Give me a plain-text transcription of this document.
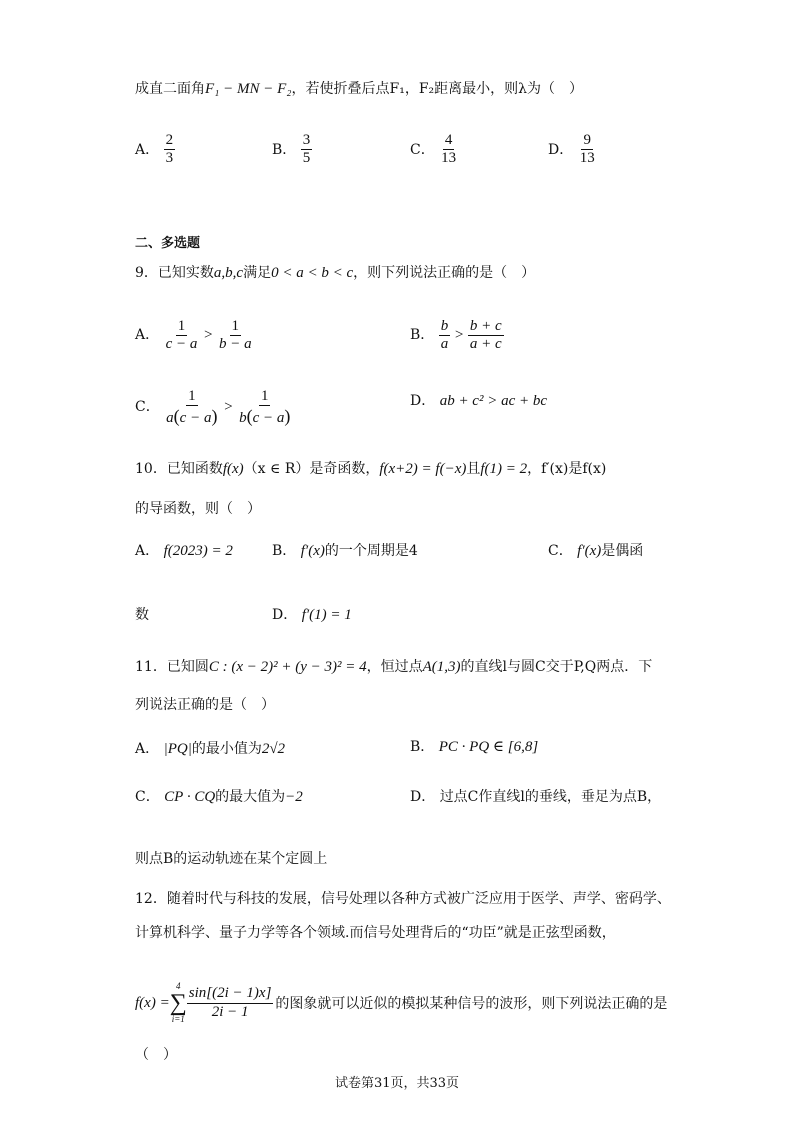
成直二面角F₁ − MN − F₂，若使折叠后点F₁，F₂距离最小，则λ为（　）
A． $\frac{2}{3}$	B． $\frac{3}{5}$	C． $\frac{4}{13}$	D． $\frac{9}{13}$
二、多选题
9．已知实数a,b,c满足0 < a < b < c，则下列说法正确的是（　）
A． $\frac{1}{c - a} > \frac{1}{b - a}$	B． $\frac{b}{a} > \frac{b + c}{a + c}$
C． $\frac{1}{a(c - a)} > \frac{1}{b(c - a)}$	D． ab + c² > ac + bc
10．已知函数f(x)（x ∈ R）是奇函数，f(x+2) = f(−x)且f(1) = 2，f′(x)是f(x)
的导函数，则（　）
A． f(2023) = 2	B． f′(x)的一个周期是4	C． f′(x)是偶函
数	D． f′(1) = 1
11．已知圆C : (x − 2)² + (y − 3)² = 4，恒过点A(1,3)的直线l与圆C交于P,Q两点．下
列说法正确的是（　）
A． |PQ|的最小值为2√2	B． PC · PQ ∈ [6,8]
C． CP · CQ的最大值为−2	D． 过点C作直线l的垂线，垂足为点B，
则点B的运动轨迹在某个定圆上
12．随着时代与科技的发展，信号处理以各种方式被广泛应用于医学、声学、密码学、
计算机科学、量子力学等各个领域.而信号处理背后的“功臣”就是正弦型函数，
f(x) =
4
∑
$i=1 \frac{\sin[(2i - 1)x]}{2i - 1}$ 的图象就可以近似的模拟某种信号的波形，则下列说法正确的是
（　）
试卷第31页，共33页
